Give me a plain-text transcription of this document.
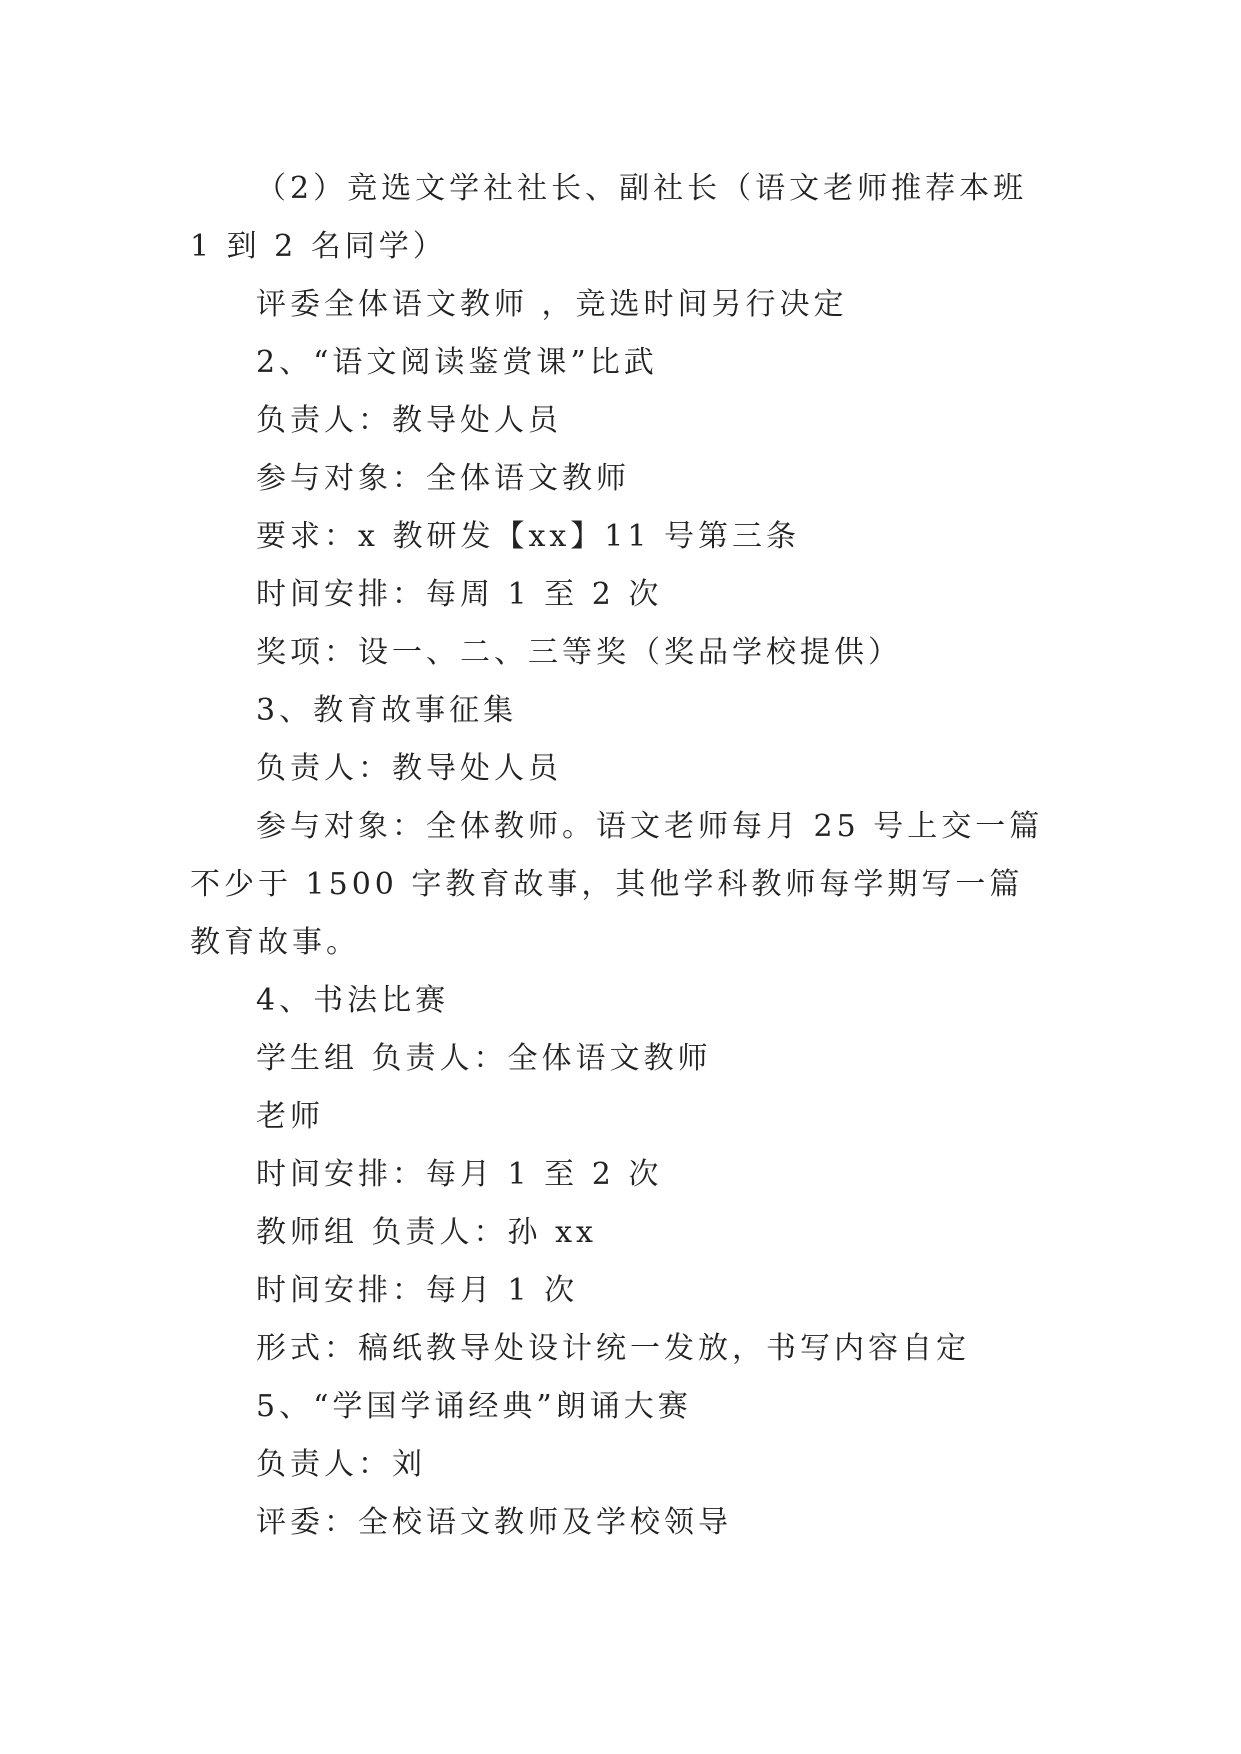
（2）竞选文学社社长、副社长（语文老师推荐本班 1 到 2 名同学）

评委全体语文教师 ，竞选时间另行决定

2、“语文阅读鉴赏课”比武

负责人：教导处人员

参与对象：全体语文教师

要求：x 教研发【xx】11 号第三条

时间安排：每周 1 至 2 次

奖项：设一、二、三等奖（奖品学校提供）

3、教育故事征集

负责人：教导处人员

参与对象：全体教师。语文老师每月 25 号上交一篇不少于 1500 字教育故事，其他学科教师每学期写一篇教育故事。

4、书法比赛

学生组 负责人：全体语文教师

老师

时间安排：每月 1 至 2 次

教师组 负责人：孙 xx

时间安排：每月 1 次

形式：稿纸教导处设计统一发放，书写内容自定

5、“学国学诵经典”朗诵大赛

负责人：刘

评委：全校语文教师及学校领导
